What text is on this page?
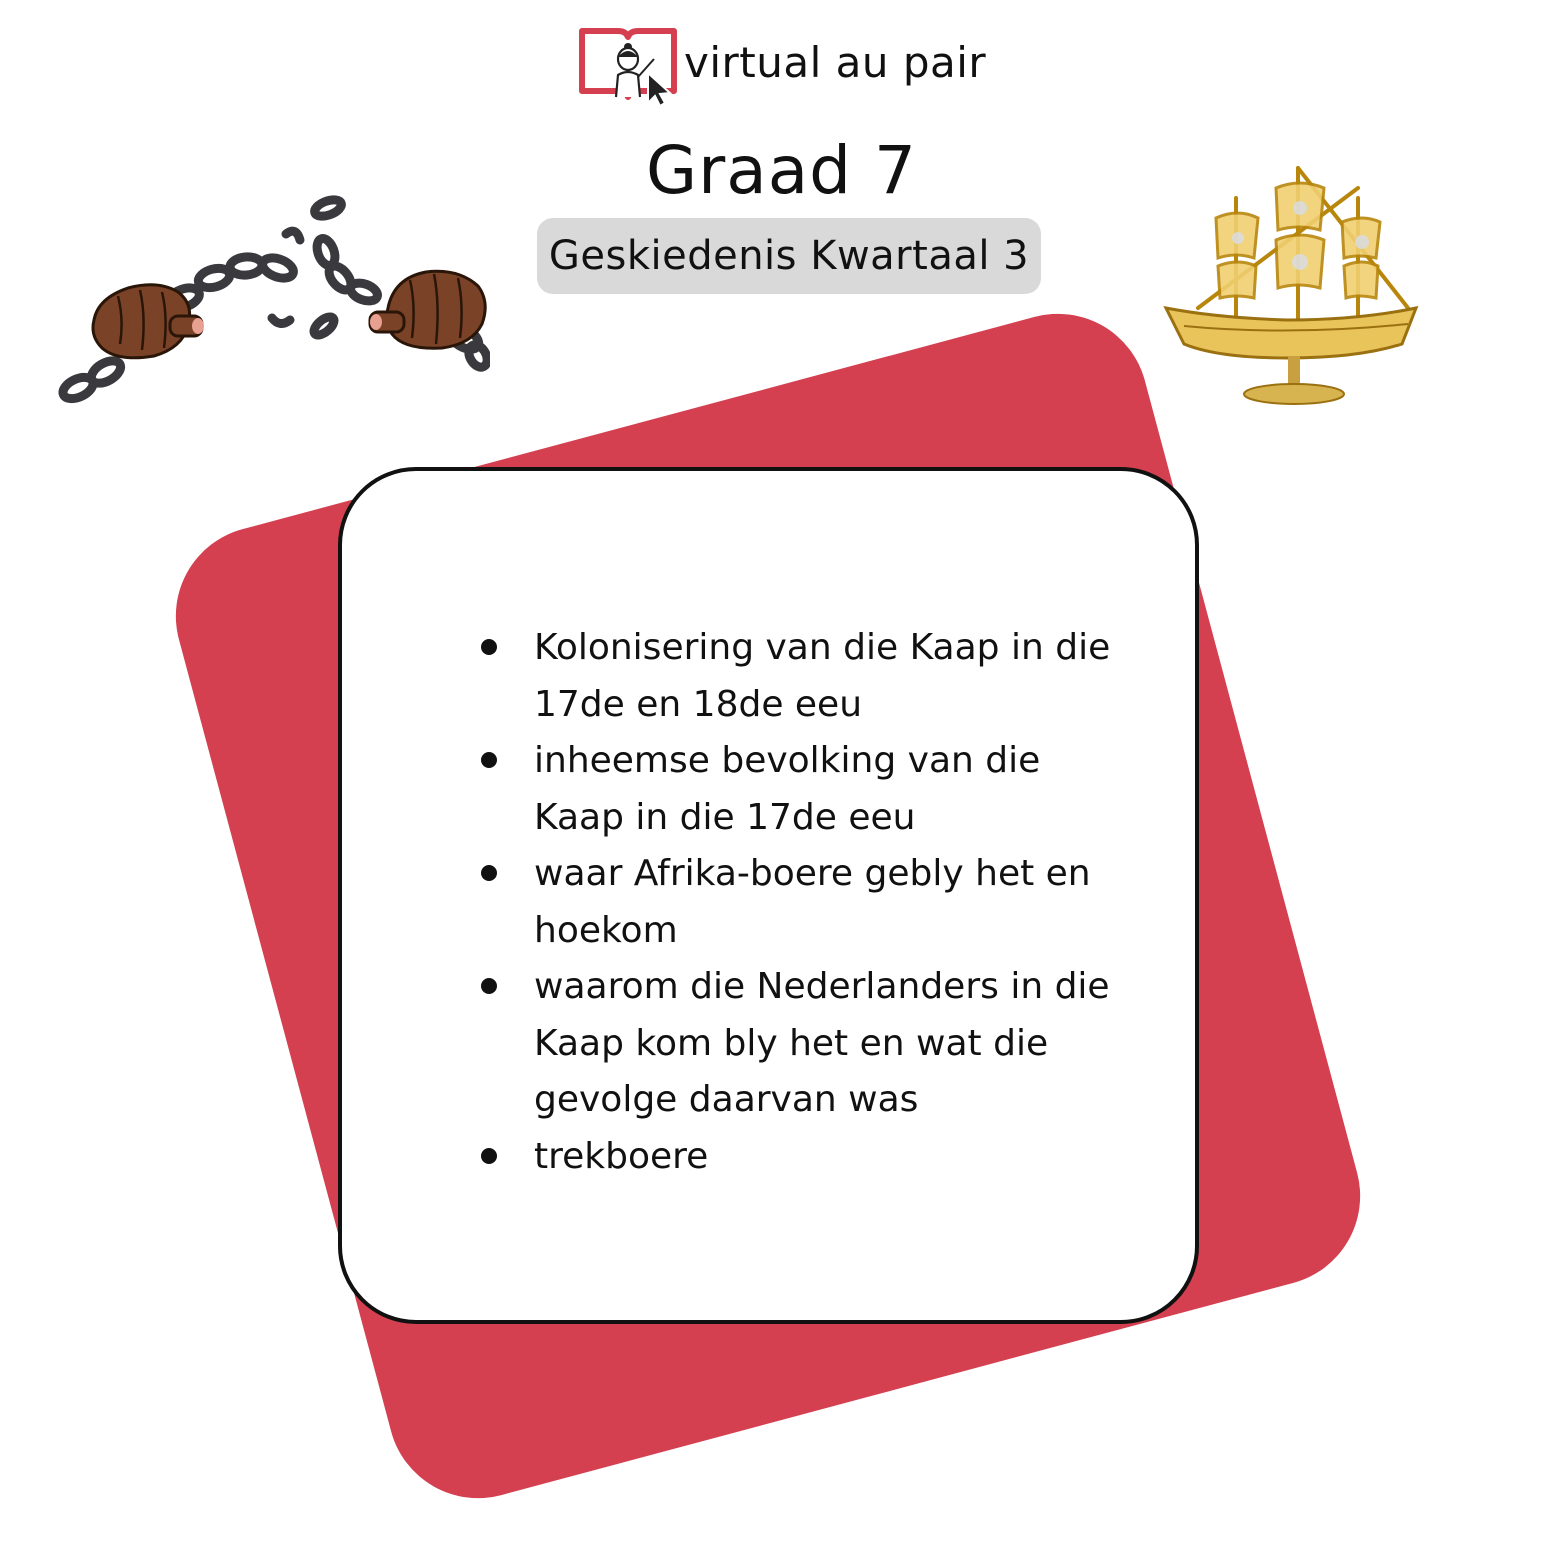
virtual au pair
Graad 7
Geskiedenis Kwartaal 3
Kolonisering van die Kaap in die 17de en 18de eeu
inheemse bevolking van die Kaap in die 17de eeu
waar Afrika-boere gebly het en hoekom
waarom die Nederlanders in die Kaap kom bly het en wat die gevolge daarvan was
trekboere
